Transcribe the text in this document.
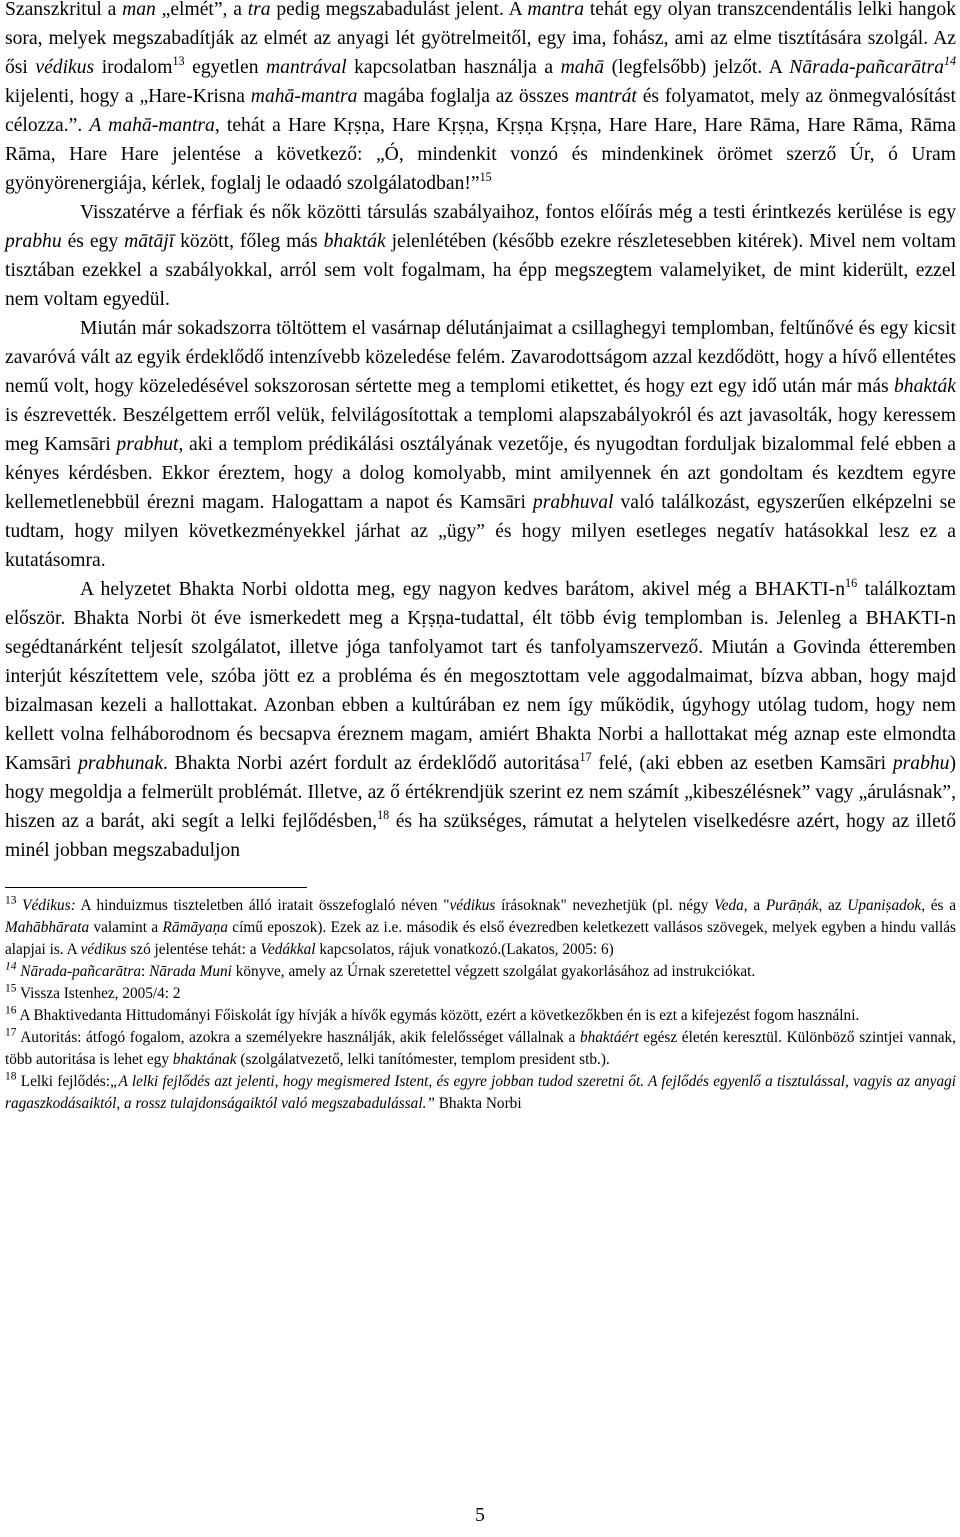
Szanszkritul a man „elmét”, a tra pedig megszabadulást jelent. A mantra tehát egy olyan transzcendentális lelki hangok sora, melyek megszabadítják az elmét az anyagi lét gyötrelmeitől, egy ima, fohász, ami az elme tisztítására szolgál. Az ősi védikus irodalom$^{13}$ egyetlen mantrával kapcsolatban használja a mahā (legfelsőbb) jelzőt. A Nārada-pañcarātra$^{14}$ kijelenti, hogy a „Hare-Krisna mahā-mantra magába foglalja az összes mantrát és folyamatot, mely az önmegvalósítást célozza.”. A mahā-mantra, tehát a Hare Kṛṣṇa, Hare Kṛṣṇa, Kṛṣṇa Kṛṣṇa, Hare Hare, Hare Rāma, Hare Rāma, Rāma Rāma, Hare Hare jelentése a következő: „Ó, mindenkit vonzó és mindenkinek örömet szerző Úr, ó Uram gyönyörenergiája, kérlek, foglalj le odaadó szolgálatodban!”$^{15}$

Visszatérve a férfiak és nők közötti társulás szabályaihoz, fontos előírás még a testi érintkezés kerülése is egy prabhu és egy mātājī között, főleg más bhakták jelenlétében (később ezekre részletesebben kitérek). Mivel nem voltam tisztában ezekkel a szabályokkal, arról sem volt fogalmam, ha épp megszegtem valamelyiket, de mint kiderült, ezzel nem voltam egyedül.

Miután már sokadszorra töltöttem el vasárnap délutánjaimat a csillaghegyi templomban, feltűnővé és egy kicsit zavaróvá vált az egyik érdeklődő intenzívebb közeledése felém. Zavarodottságom azzal kezdődött, hogy a hívő ellentétes nemű volt, hogy közeledésével sokszorosan sértette meg a templomi etikettet, és hogy ezt egy idő után már más bhakták is észrevették. Beszélgettem erről velük, felvilágosítottak a templomi alapszabályokról és azt javasolták, hogy keressem meg Kamsāri prabhut, aki a templom prédikálási osztályának vezetője, és nyugodtan forduljak bizalommal felé ebben a kényes kérdésben. Ekkor éreztem, hogy a dolog komolyabb, mint amilyennek én azt gondoltam és kezdtem egyre kellemetlenebbül érezni magam. Halogattam a napot és Kamsāri prabhuval való találkozást, egyszerűen elképzelni se tudtam, hogy milyen következményekkel járhat az „ügy” és hogy milyen esetleges negatív hatásokkal lesz ez a kutatásomra.

A helyzetet Bhakta Norbi oldotta meg, egy nagyon kedves barátom, akivel még a BHAKTI-$n^{16}$ találkoztam először. Bhakta Norbi öt éve ismerkedett meg a Kṛṣṇa-tudattal, élt több évig templomban is. Jelenleg a BHAKTI-n segédtanárként teljesít szolgálatot, illetve jóga tanfolyamot tart és tanfolyamszervező. Miután a Govinda étteremben interjút készítettem vele, szóba jött ez a probléma és én megosztottam vele aggodalmaimat, bízva abban, hogy majd bizalmasan kezeli a hallottakat. Azonban ebben a kultúrában ez nem így működik, úgyhogy utólag tudom, hogy nem kellett volna felháborodnom és becsapva éreznem magam, amiért Bhakta Norbi a hallottakat még aznap este elmondta Kamsāri prabhunak. Bhakta Norbi azért fordult az érdeklődő autoritása$^{17}$ felé, (aki ebben az esetben Kamsāri prabhu) hogy megoldja a felmerült problémát. Illetve, az ő értékrendjük szerint ez nem számít „kibeszélésnek” vagy „árulásnak”, hiszen az a barát, aki segít a lelki fejlődésben,$^{18}$ és ha szükséges, rámutat a helytelen viselkedésre azért, hogy az illető minél jobban megszabaduljon

$^{13}$ Védikus: A hinduizmus tiszteletben álló iratait összefoglaló néven "védikus írásoknak" nevezhetjük (pl. négy Veda, a Purāṇák, az Upaniṣadok, és a Mahābhārata valamint a Rāmāyaṇa című eposzok). Ezek az i.e. második és első évezredben keletkezett vallásos szövegek, melyek egyben a hindu vallás alapjai is. A védikus szó jelentése tehát: a Vedákkal kapcsolatos, rájuk vonatkozó.(Lakatos, 2005: 6)

$^{14}$ Nārada-pañcarātra: Nārada Muni könyve, amely az Úrnak szeretettel végzett szolgálat gyakorlásához ad instrukciókat.

$^{15}$ Vissza Istenhez, 2005/4: 2

$^{16}$ A Bhaktivedanta Hittudományi Főiskolát így hívják a hívők egymás között, ezért a következőkben én is ezt a kifejezést fogom használni.

$^{17}$ Autoritás: átfogó fogalom, azokra a személyekre használják, akik felelősséget vállalnak a bhaktáért egész életén keresztül. Különböző szintjei vannak, több autoritása is lehet egy bhaktának (szolgálatvezető, lelki tanítómester, templom president stb.).

$^{18}$ Lelki fejlődés:„A lelki fejlődés azt jelenti, hogy megismered Istent, és egyre jobban tudod szeretni őt. A fejlődés egyenlő a tisztulással, vagyis az anyagi ragaszkodásaiktól, a rossz tulajdonságaiktól való megszabadulással.” Bhakta Norbi

5
